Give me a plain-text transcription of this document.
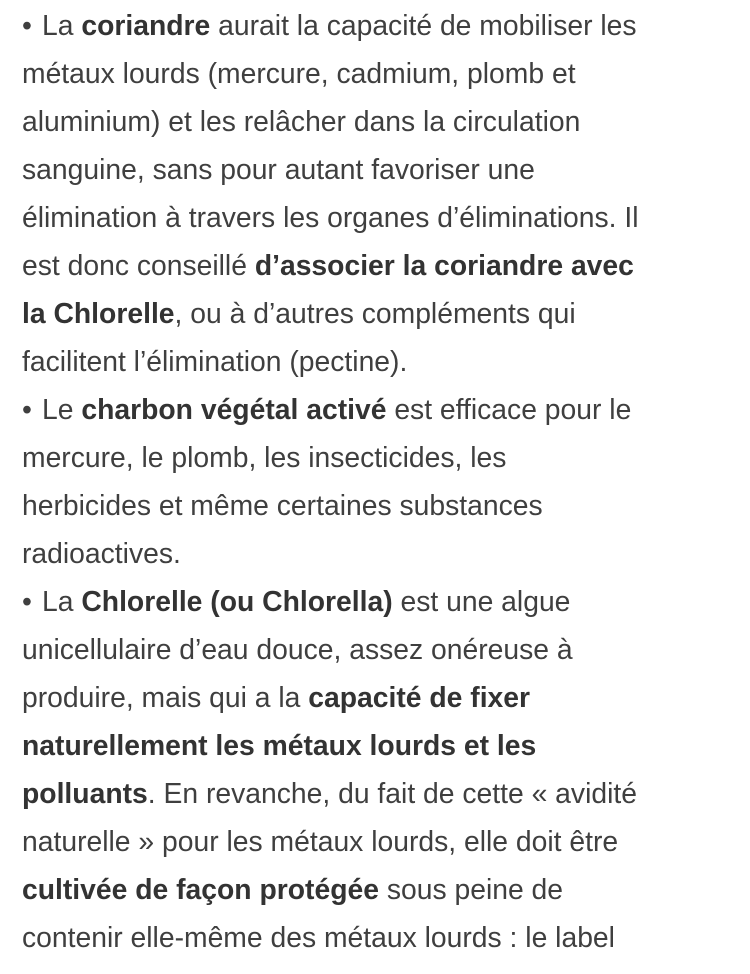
•La coriandre aurait la capacité de mobiliser les
métaux lourds (mercure, cadmium, plomb et
aluminium) et les relâcher dans la circulation
sanguine, sans pour autant favoriser une
élimination à travers les organes d’éliminations. Il
est donc conseillé d’associer la coriandre avec
la Chlorelle, ou à d’autres compléments qui
facilitent l’élimination (pectine).
•Le charbon végétal activé est efficace pour le
mercure, le plomb, les insecticides, les
herbicides et même certaines substances
radioactives.
•La Chlorelle (ou Chlorella) est une algue
unicellulaire d’eau douce, assez onéreuse à
produire, mais qui a la capacité de fixer
naturellement les métaux lourds et les
polluants. En revanche, du fait de cette « avidité
naturelle » pour les métaux lourds, elle doit être
cultivée de façon protégée sous peine de
contenir elle-même des métaux lourds : le label
